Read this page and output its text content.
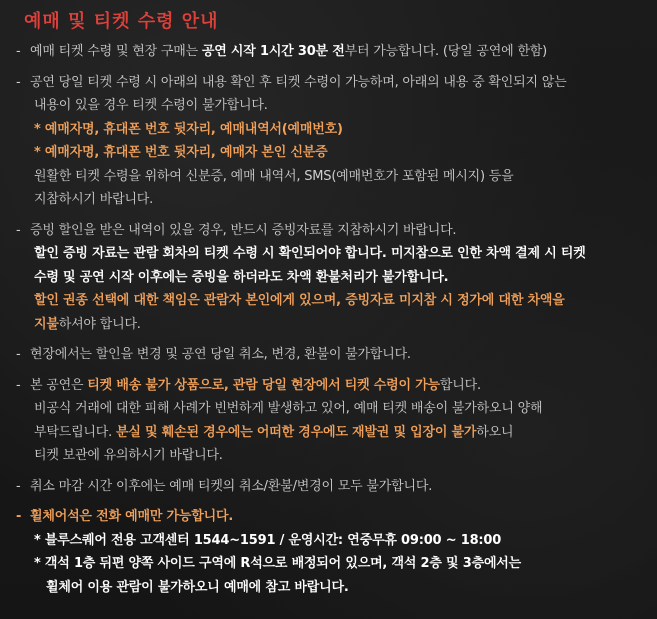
예매 및 티켓 수령 안내
- 예매 티켓 수령 및 현장 구매는 공연 시작 1시간 30분 전부터 가능합니다. (당일 공연에 한함)
- 공연 당일 티켓 수령 시 아래의 내용 확인 후 티켓 수령이 가능하며, 아래의 내용 중 확인되지 않는
내용이 있을 경우 티켓 수령이 불가합니다.
* 예매자명, 휴대폰 번호 뒷자리, 예매내역서(예매번호)
* 예매자명, 휴대폰 번호 뒷자리, 예매자 본인 신분증
원활한 티켓 수령을 위하여 신분증, 예매 내역서, SMS(예매번호가 포함된 메시지) 등을
지참하시기 바랍니다.
- 증빙 할인을 받은 내역이 있을 경우, 반드시 증빙자료를 지참하시기 바랍니다.
할인 증빙 자료는 관람 회차의 티켓 수령 시 확인되어야 합니다. 미지참으로 인한 차액 결제 시 티켓
수령 및 공연 시작 이후에는 증빙을 하더라도 차액 환불처리가 불가합니다.
할인 권종 선택에 대한 책임은 관람자 본인에게 있으며, 증빙자료 미지참 시 정가에 대한 차액을
지불하셔야 합니다.
- 현장에서는 할인을 변경 및 공연 당일 취소, 변경, 환불이 불가합니다.
- 본 공연은 티켓 배송 불가 상품으로, 관람 당일 현장에서 티켓 수령이 가능합니다.
비공식 거래에 대한 피해 사례가 빈번하게 발생하고 있어, 예매 티켓 배송이 불가하오니 양해
부탁드립니다. 분실 및 훼손된 경우에는 어떠한 경우에도 재발권 및 입장이 불가하오니
티켓 보관에 유의하시기 바랍니다.
- 취소 마감 시간 이후에는 예매 티켓의 취소/환불/변경이 모두 불가합니다.
- 휠체어석은 전화 예매만 가능합니다.
* 블루스퀘어 전용 고객센터 1544~1591 / 운영시간: 연중무휴 09:00 ~ 18:00
* 객석 1층 뒤편 양쪽 사이드 구역에 R석으로 배정되어 있으며, 객석 2층 및 3층에서는
휠체어 이용 관람이 불가하오니 예매에 참고 바랍니다.
